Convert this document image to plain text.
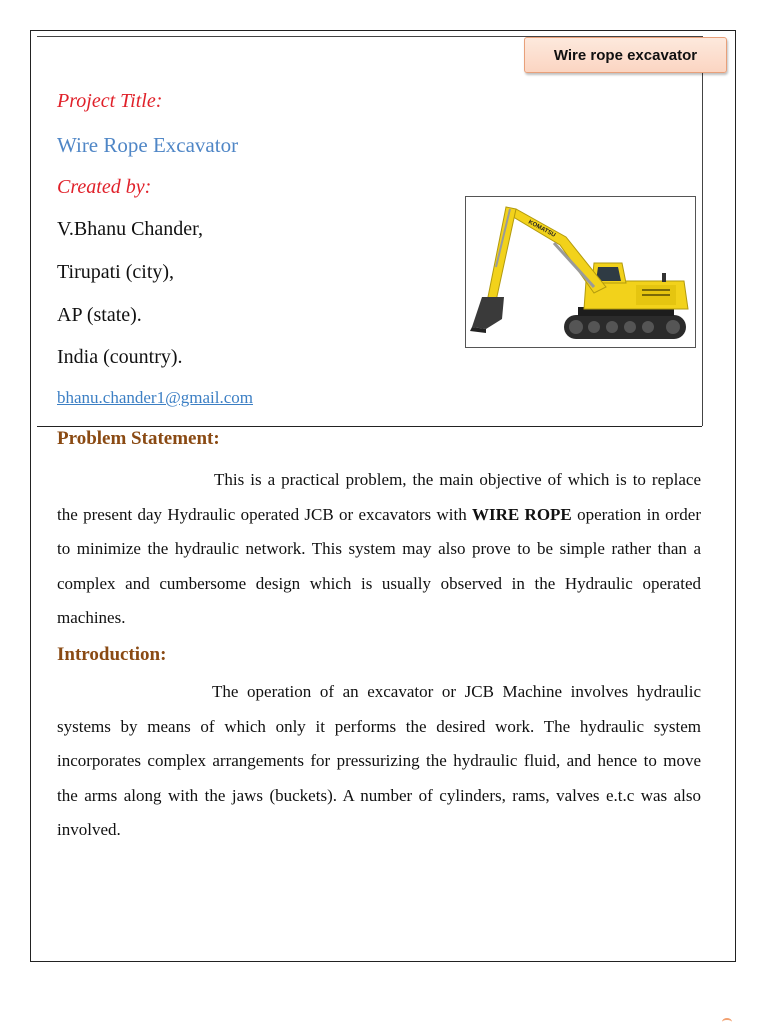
Wire rope excavator
Project Title:
Wire Rope Excavator
Created by:
V.Bhanu Chander,
Tirupati (city),
AP (state).
India (country).
bhanu.chander1@gmail.com
KOMATSU
Problem Statement:
This is a practical problem, the main objective of which is to replace the present day Hydraulic operated JCB or excavators with WIRE ROPE operation in order to minimize the hydraulic network. This system may also prove to be simple rather than a complex and cumbersome design which is usually observed in the Hydraulic operated machines.
Introduction:
The operation of an excavator or JCB Machine involves hydraulic systems by means of which only it performs the desired work. The hydraulic system incorporates complex arrangements for pressurizing the hydraulic fluid, and hence to move the arms along with the jaws (buckets). A number of cylinders, rams, valves e.t.c was also involved.
